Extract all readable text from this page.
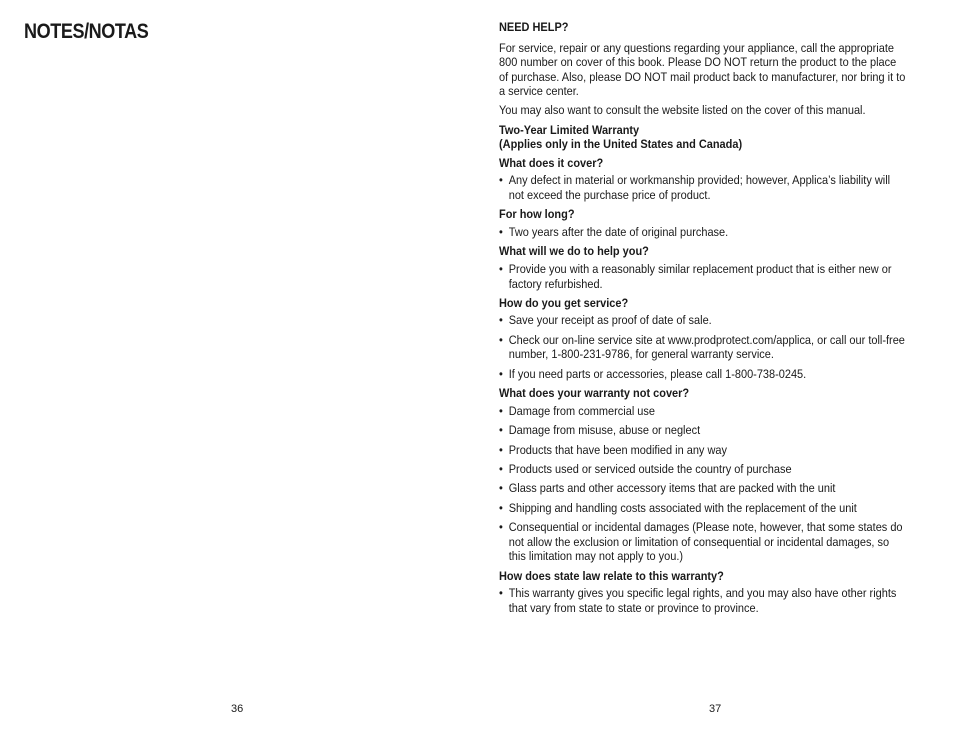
NOTES/NOTAS
36
NEED HELP?
For service, repair or any questions regarding your appliance, call the appropriate 800 number on cover of this book. Please DO NOT return the product to the place of purchase. Also, please DO NOT mail product back to manufacturer, nor bring it to a service center.
You may also want to consult the website listed on the cover of this manual.
Two-Year Limited Warranty
(Applies only in the United States and Canada)
What does it cover?
• Any defect in material or workmanship provided; however, Applica’s liability will not exceed the purchase price of product.
For how long?
• Two years after the date of original purchase.
What will we do to help you?
• Provide you with a reasonably similar replacement product that is either new or factory refurbished.
How do you get service?
• Save your receipt as proof of date of sale.
• Check our on-line service site at www.prodprotect.com/applica, or call our toll-free number, 1-800-231-9786, for general warranty service.
• If you need parts or accessories, please call 1-800-738-0245.
What does your warranty not cover?
• Damage from commercial use
• Damage from misuse, abuse or neglect
• Products that have been modified in any way
• Products used or serviced outside the country of purchase
• Glass parts and other accessory items that are packed with the unit
• Shipping and handling costs associated with the replacement of the unit
• Consequential or incidental damages (Please note, however, that some states do not allow the exclusion or limitation of consequential or incidental damages, so this limitation may not apply to you.)
How does state law relate to this warranty?
• This warranty gives you specific legal rights, and you may also have other rights that vary from state to state or province to province.
37
